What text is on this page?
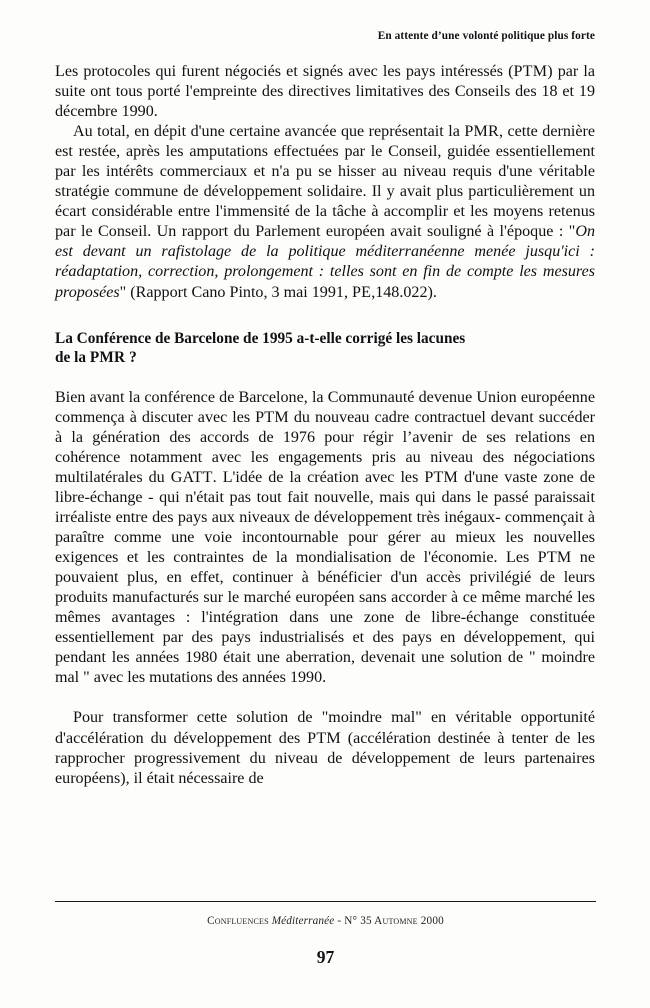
En attente d’une volonté politique plus forte

Les protocoles qui furent négociés et signés avec les pays intéressés (PTM) par la suite ont tous porté l'empreinte des directives limitatives des Conseils des 18 et 19 décembre 1990.

Au total, en dépit d'une certaine avancée que représentait la PMR, cette dernière est restée, après les amputations effectuées par le Conseil, guidée essentiellement par les intérêts commerciaux et n'a pu se hisser au niveau requis d'une véritable stratégie commune de développement solidaire. Il y avait plus particulièrement un écart considérable entre l'immensité de la tâche à accomplir et les moyens retenus par le Conseil. Un rapport du Parlement européen avait souligné à l'époque : "On est devant un rafistolage de la politique méditerranéenne menée jusqu'ici : réadaptation, correction, prolongement : telles sont en fin de compte les mesures proposées" (Rapport Cano Pinto, 3 mai 1991, PE,148.022).

La Conférence de Barcelone de 1995 a-t-elle corrigé les lacunes
de la PMR ?

Bien avant la conférence de Barcelone, la Communauté devenue Union européenne commença à discuter avec les PTM du nouveau cadre contractuel devant succéder à la génération des accords de 1976 pour régir l’avenir de ses relations en cohérence notamment avec les engagements pris au niveau des négociations multilatérales du GATT. L'idée de la création avec les PTM d'une vaste zone de libre-échange - qui n'était pas tout fait nouvelle, mais qui dans le passé paraissait irréaliste entre des pays aux niveaux de développement très inégaux- commençait à paraître comme une voie incontournable pour gérer au mieux les nouvelles exigences et les contraintes de la mondialisation de l'économie. Les PTM ne pouvaient plus, en effet, continuer à bénéficier d'un accès privilégié de leurs produits manufacturés sur le marché européen sans accorder à ce même marché les mêmes avantages : l'intégration dans une zone de libre-échange constituée essentiellement par des pays industrialisés et des pays en développement, qui pendant les années 1980 était une aberration, devenait une solution de " moindre mal " avec les mutations des années 1990.

Pour transformer cette solution de "moindre mal" en véritable opportunité d'accélération du développement des PTM (accélération destinée à tenter de les rapprocher progressivement du niveau de développement de leurs partenaires européens), il était nécessaire de

Confluences Méditerranée - N° 35 Automne 2000
97
